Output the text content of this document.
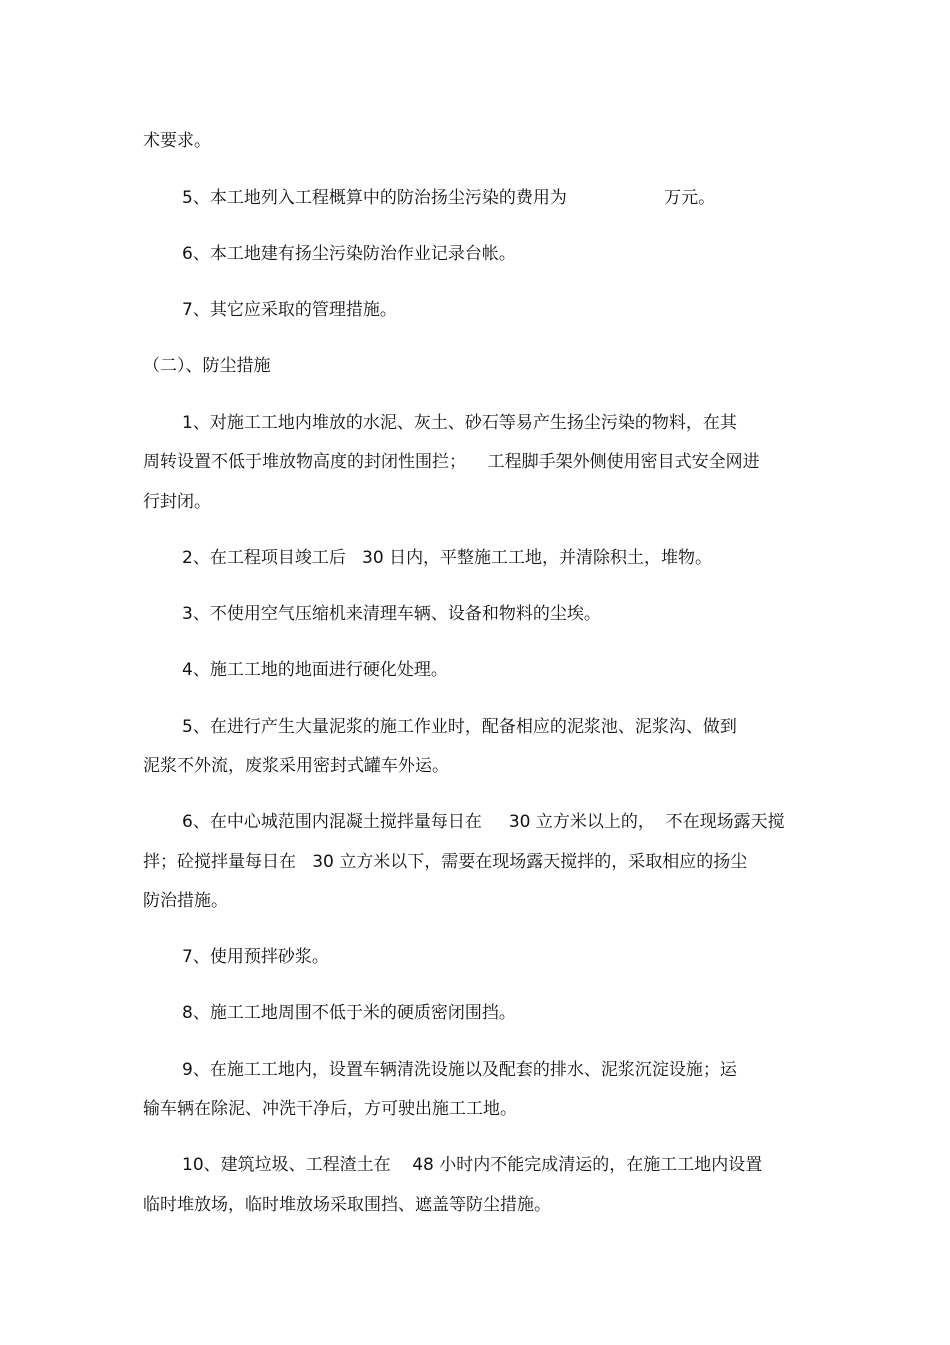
术要求。

5、本工地列入工程概算中的防治扬尘污染的费用为                  万元。

6、本工地建有扬尘污染防治作业记录台帐。

7、其它应采取的管理措施。

（二）、防尘措施

1、对施工工地内堆放的水泥、灰土、砂石等易产生扬尘污染的物料，在其

周转设置不低于堆放物高度的封闭性围拦；    工程脚手架外侧使用密目式安全网进

行封闭。

2、在工程项目竣工后   30 日内，平整施工工地，并清除积土，堆物。

3、不使用空气压缩机来清理车辆、设备和物料的尘埃。

4、施工工地的地面进行硬化处理。

5、在进行产生大量泥浆的施工作业时，配备相应的泥浆池、泥浆沟、做到

泥浆不外流，废浆采用密封式罐车外运。

6、在中心城范围内混凝土搅拌量每日在     30 立方米以上的，  不在现场露天搅

拌；砼搅拌量每日在   30 立方米以下，需要在现场露天搅拌的，采取相应的扬尘

防治措施。

7、使用预拌砂浆。

8、施工工地周围不低于米的硬质密闭围挡。

9、在施工工地内，设置车辆清洗设施以及配套的排水、泥浆沉淀设施；运

输车辆在除泥、冲洗干净后，方可驶出施工工地。

10、建筑垃圾、工程渣土在    48 小时内不能完成清运的，在施工工地内设置

临时堆放场，临时堆放场采取围挡、遮盖等防尘措施。
